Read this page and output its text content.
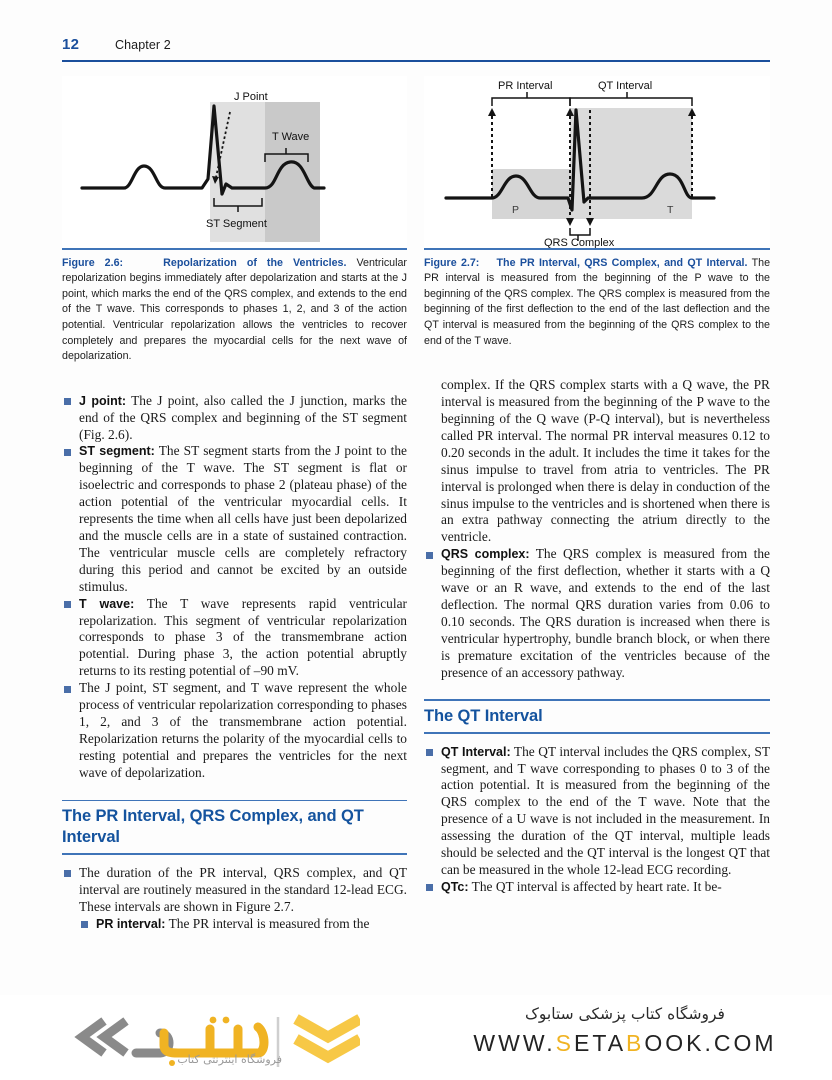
12	Chapter 2
J Point
T Wave
ST Segment
Figure 2.6:	Repolarization of the Ventricles. Ventricular repolarization begins immediately after depolarization and starts at the J point, which marks the end of the QRS complex, and extends to the end of the T wave. This corresponds to phases 1, 2, and 3 of the action potential. Ventricular repolarization allows the ventricles to recover completely and prepares the myocardial cells for the next wave of depolarization.
J point: The J point, also called the J junction, marks the end of the QRS complex and beginning of the ST segment (Fig. 2.6).
ST segment: The ST segment starts from the J point to the beginning of the T wave. The ST segment is flat or isoelectric and corresponds to phase 2 (plateau phase) of the action potential of the ventricular myocardial cells. It represents the time when all cells have just been depolarized and the muscle cells are in a state of sustained contraction. The ventricular muscle cells are completely refractory during this period and cannot be excited by an outside stimulus.
T wave: The T wave represents rapid ventricular repolarization. This segment of ventricular repolarization corresponds to phase 3 of the transmembrane action potential. During phase 3, the action potential abruptly returns to its resting potential of –90 mV.
The J point, ST segment, and T wave represent the whole process of ventricular repolarization corresponding to phases 1, 2, and 3 of the transmembrane action potential. Repolarization returns the polarity of the myocardial cells to resting potential and prepares the ventricles for the next wave of depolarization.
The PR Interval, QRS Complex, and QT Interval
The duration of the PR interval, QRS complex, and QT interval are routinely measured in the standard 12-lead ECG. These intervals are shown in Figure 2.7.
PR interval: The PR interval is measured from the
PR Interval	QT Interval
QRS Complex
P	T
Figure 2.7: The PR Interval, QRS Complex, and QT Interval. The PR interval is measured from the beginning of the P wave to the beginning of the QRS complex. The QRS complex is measured from the beginning of the first deflection to the end of the last deflection and the QT interval is measured from the beginning of the QRS complex to the end of the T wave.
complex. If the QRS complex starts with a Q wave, the PR interval is measured from the beginning of the P wave to the beginning of the Q wave (P-Q interval), but is nevertheless called PR interval. The normal PR interval measures 0.12 to 0.20 seconds in the adult. It includes the time it takes for the sinus impulse to travel from atria to ventricles. The PR interval is prolonged when there is delay in conduction of the sinus impulse to the ventricles and is shortened when there is an extra pathway connecting the atrium directly to the ventricle.
QRS complex: The QRS complex is measured from the beginning of the first deflection, whether it starts with a Q wave or an R wave, and extends to the end of the last deflection. The normal QRS duration varies from 0.06 to 0.10 seconds. The QRS duration is increased when there is ventricular hypertrophy, bundle branch block, or when there is premature excitation of the ventricles because of the presence of an accessory pathway.
The QT Interval
QT Interval: The QT interval includes the QRS complex, ST segment, and T wave corresponding to phases 0 to 3 of the action potential. It is measured from the beginning of the QRS complex to the end of the T wave. Note that the presence of a U wave is not included in the measurement. In assessing the duration of the QT interval, multiple leads should be selected and the QT interval is the longest QT that can be measured in the whole 12-lead ECG recording.
QTc: The QT interval is affected by heart rate. It be-
فروشگاه اینترنتی کتاب
فروشگاه کتاب پزشکی ستابوک
WWW.SETABOOK.COM
